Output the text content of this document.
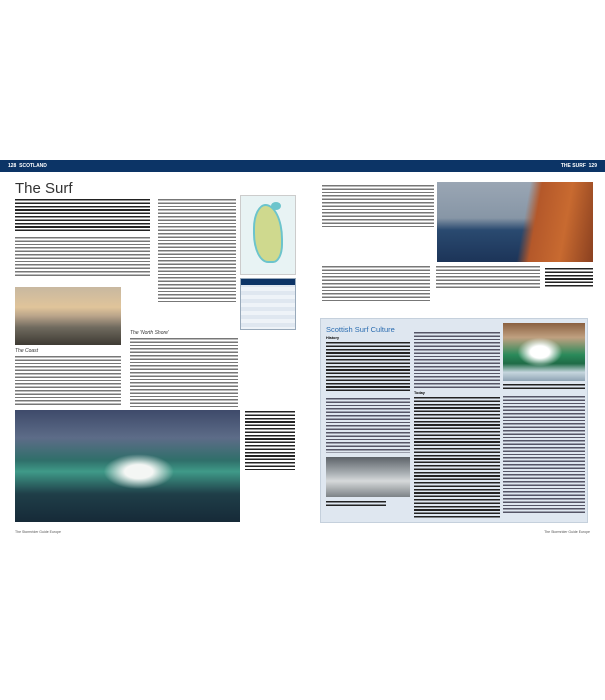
128 SCOTLAND	THE SURF 129
The Surf
The Coast
The 'North Shore'
The Stormrider Guide Europe
Scottish Surf Culture
History
Today
The Stormrider Guide Europe
